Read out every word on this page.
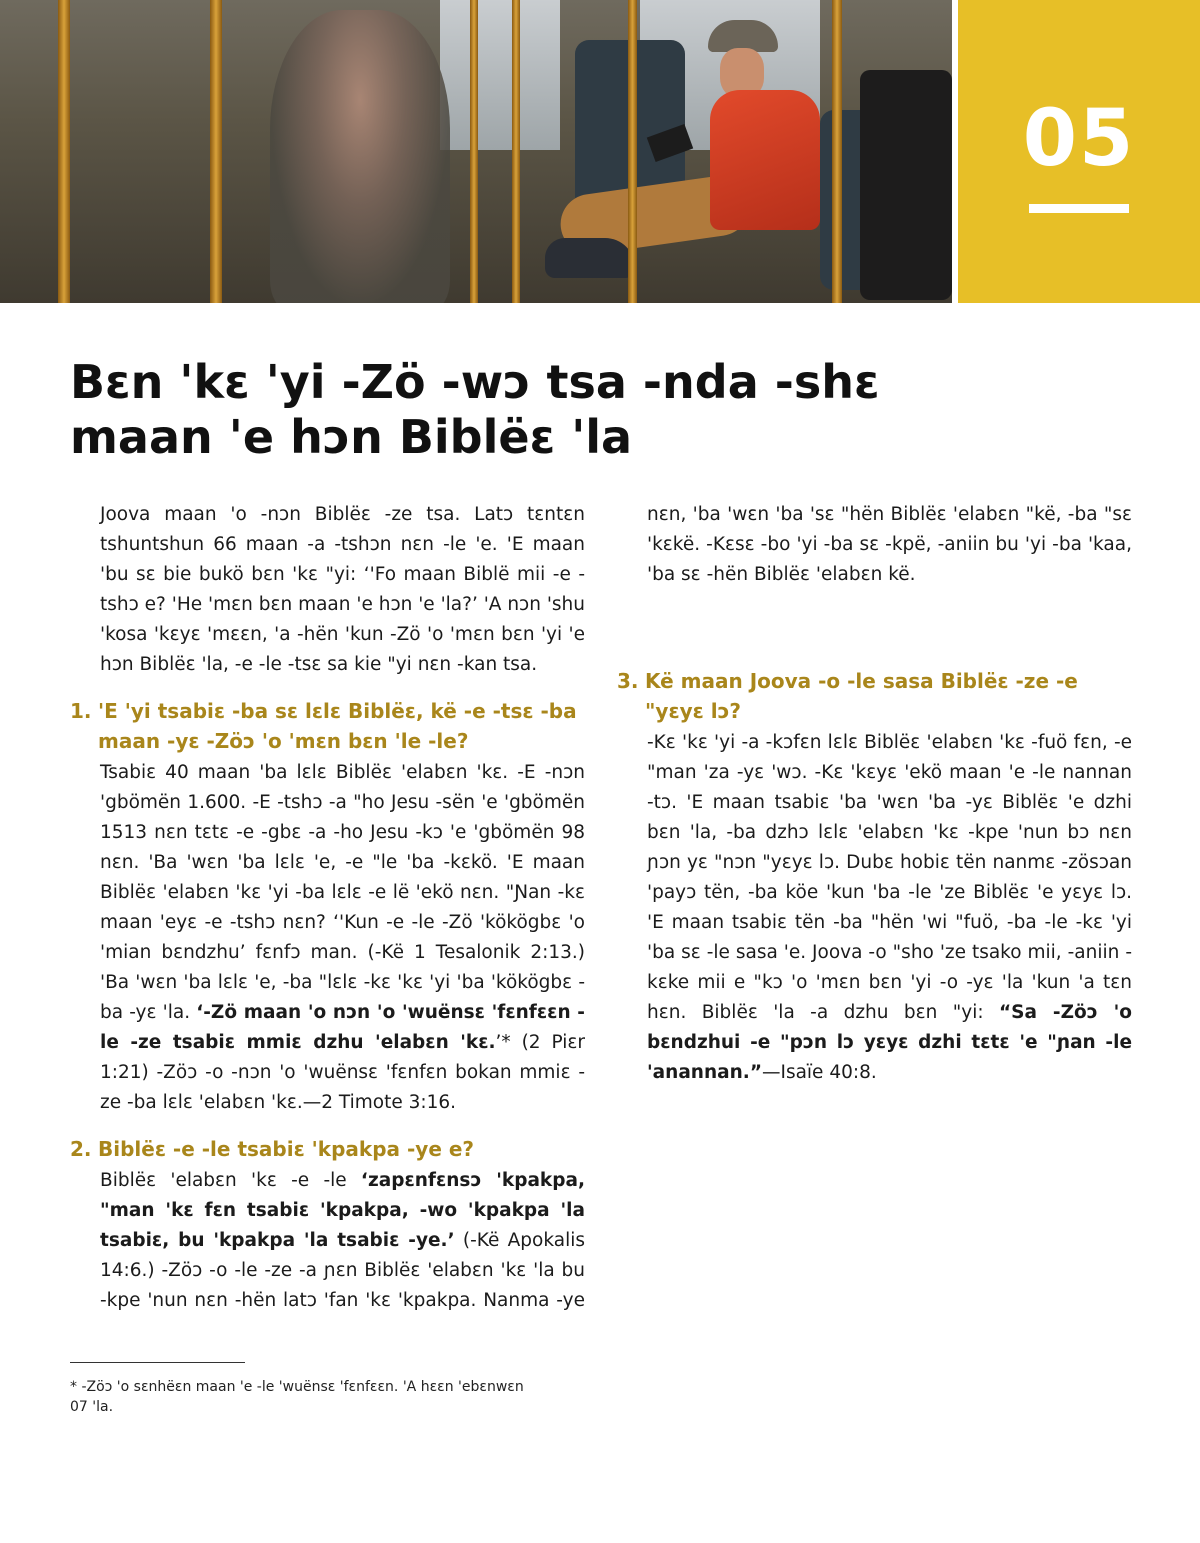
05
Bɛn 'kɛ 'yi -Zö -wɔ tsa -nda -shɛ
maan 'e hɔn Biblëɛ 'la

Joova maan 'o -nɔn Biblëɛ -ze tsa. Latɔ tɛntɛn tshuntshun 66 maan -a -tshɔn nɛn -le 'e. 'E maan 'bu sɛ bie bukö bɛn 'kɛ "yi: ‘'Fo maan Biblë mii -e -tshɔ e? 'He 'mɛn bɛn maan 'e hɔn 'e 'la?’ 'A nɔn 'shu 'kosa 'kɛyɛ 'mɛɛn, 'a -hën 'kun -Zö 'o 'mɛn bɛn 'yi 'e hɔn Biblëɛ 'la, -e -le -tsɛ sa kie "yi nɛn -kan tsa.

1. 'E 'yi tsabiɛ -ba sɛ lɛlɛ Biblëɛ, kë -e -tsɛ -ba maan -yɛ -Zöɔ 'o 'mɛn bɛn 'le -le?

Tsabiɛ 40 maan 'ba lɛlɛ Biblëɛ 'elabɛn 'kɛ. -E -nɔn 'gbömën 1.600. -E -tshɔ -a "ho Jesu -sën 'e 'gbömën 1513 nɛn tɛtɛ -e -gbɛ -a -ho Jesu -kɔ 'e 'gbömën 98 nɛn. 'Ba 'wɛn 'ba lɛlɛ 'e, -e "le 'ba -kɛkö. 'E maan Biblëɛ 'elabɛn 'kɛ 'yi -ba lɛlɛ -e lë 'ekö nɛn. "Ɲan -kɛ maan 'eyɛ -e -tshɔ nɛn? ‘'Kun -e -le -Zö 'kökögbɛ 'o 'mian bɛndzhu’ fɛnfɔ man. (-Kë 1 Tesalonik 2:13.) 'Ba 'wɛn 'ba lɛlɛ 'e, -ba "lɛlɛ -kɛ 'kɛ 'yi 'ba 'kökögbɛ -ba -yɛ 'la. ‘-Zö maan 'o nɔn 'o 'wuënsɛ 'fɛnfɛɛn -le -ze tsabiɛ mmiɛ dzhu 'elabɛn 'kɛ.’* (2 Piɛr 1:21) -Zöɔ -o -nɔn 'o 'wuënsɛ 'fɛnfɛn bokan mmiɛ -ze -ba lɛlɛ 'elabɛn 'kɛ.—2 Timote 3:16.

2. Biblëɛ -e -le tsabiɛ 'kpakpa -ye e?

Biblëɛ 'elabɛn 'kɛ -e -le ‘zapɛnfɛnsɔ 'kpakpa, "man 'kɛ fɛn tsabiɛ 'kpakpa, -wo 'kpakpa 'la tsabiɛ, bu 'kpakpa 'la tsabiɛ -ye.’ (-Kë Apokalis 14:6.) -Zöɔ -o -le -ze -a ɲɛn Biblëɛ 'elabɛn 'kɛ 'la bu -kpe 'nun nɛn -hën latɔ 'fan 'kɛ 'kpakpa. Nanma -ye

nɛn, 'ba 'wɛn 'ba 'sɛ "hën Biblëɛ 'elabɛn "kë, -ba "sɛ 'kɛkë. -Kɛsɛ -bo 'yi -ba sɛ -kpë, -aniin bu 'yi -ba 'kaa, 'ba sɛ -hën Biblëɛ 'elabɛn kë.

3. Kë maan Joova -o -le sasa Biblëɛ -ze -e "yɛyɛ lɔ?

-Kɛ 'kɛ 'yi -a -kɔfɛn lɛlɛ Biblëɛ 'elabɛn 'kɛ -fuö fɛn, -e "man 'za -yɛ 'wɔ. -Kɛ 'kɛyɛ 'ekö maan 'e -le nannan -tɔ. 'E maan tsabiɛ 'ba 'wɛn 'ba -yɛ Biblëɛ 'e dzhi bɛn 'la, -ba dzhɔ lɛlɛ 'elabɛn 'kɛ -kpe 'nun bɔ nɛn ɲɔn yɛ "nɔn "yɛyɛ lɔ. Dubɛ hobiɛ tën nanmɛ -zösɔan 'payɔ tën, -ba köe 'kun 'ba -le 'ze Biblëɛ 'e yɛyɛ lɔ. 'E maan tsabiɛ tën -ba "hën 'wi "fuö, -ba -le -kɛ 'yi 'ba sɛ -le sasa 'e. Joova -o "sho 'ze tsako mii, -aniin -kɛke mii e "kɔ 'o 'mɛn bɛn 'yi -o -yɛ 'la 'kun 'a tɛn hɛn. Biblëɛ 'la -a dzhu bɛn "yi: “Sa -Zöɔ 'o bɛndzhui -e "pɔn lɔ yɛyɛ dzhi tɛtɛ 'e "ɲan -le 'anannan.”—Isaïe 40:8.

* -Zöɔ 'o sɛnhëɛn maan 'e -le 'wuënsɛ 'fɛnfɛɛn. 'A hɛɛn 'ebɛnwɛn 07 'la.
